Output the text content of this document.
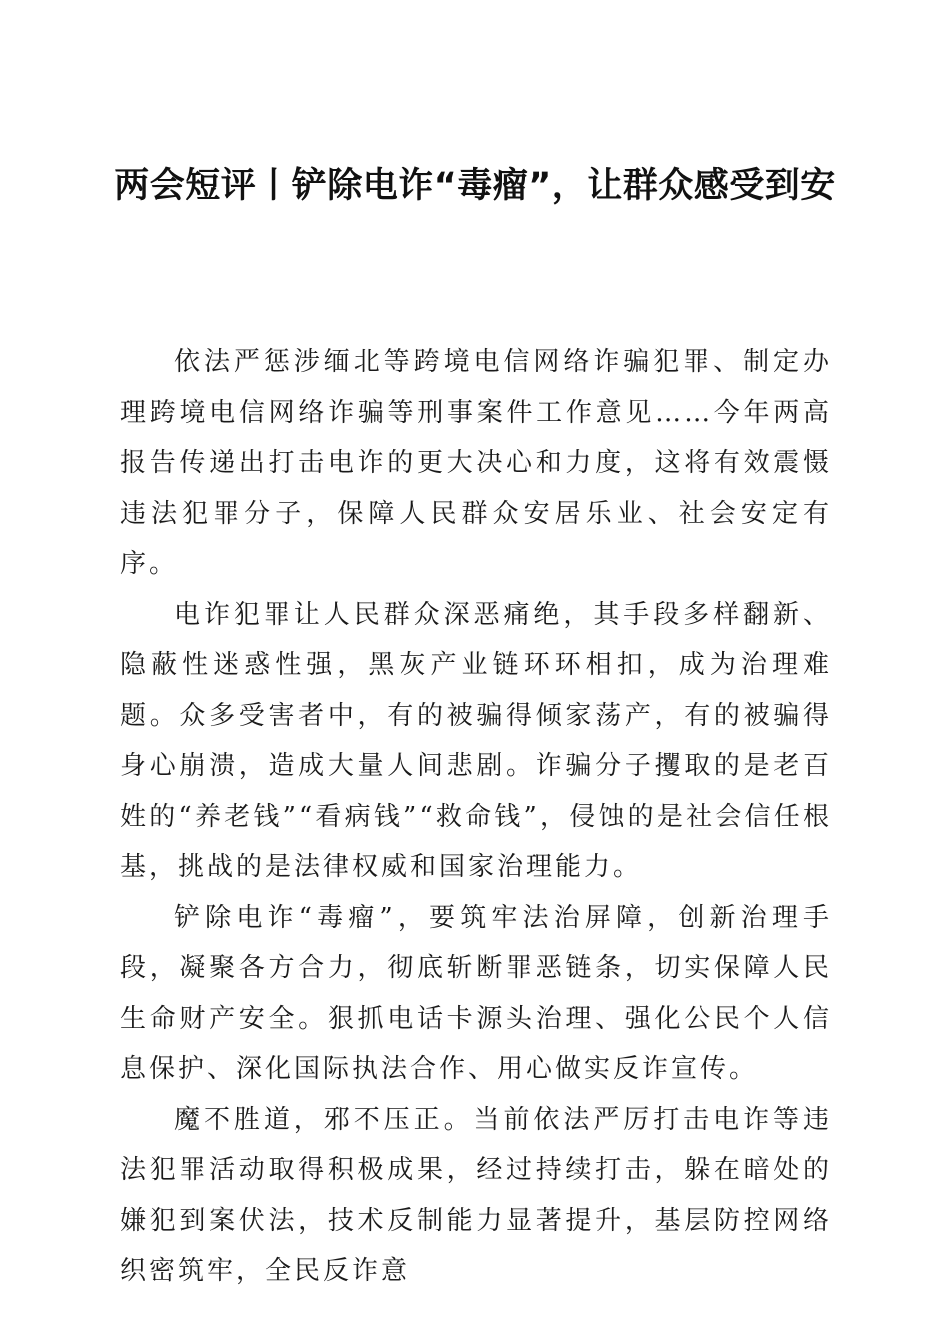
两会短评丨铲除电诈“毒瘤”，让群众感受到安

依法严惩涉缅北等跨境电信网络诈骗犯罪、制定办理跨境电信网络诈骗等刑事案件工作意见……今年两高报告传递出打击电诈的更大决心和力度，这将有效震慑违法犯罪分子，保障人民群众安居乐业、社会安定有序。

电诈犯罪让人民群众深恶痛绝，其手段多样翻新、隐蔽性迷惑性强，黑灰产业链环环相扣，成为治理难题。众多受害者中，有的被骗得倾家荡产，有的被骗得身心崩溃，造成大量人间悲剧。诈骗分子攫取的是老百姓的“养老钱”“看病钱”“救命钱”，侵蚀的是社会信任根基，挑战的是法律权威和国家治理能力。

铲除电诈“毒瘤”，要筑牢法治屏障，创新治理手段，凝聚各方合力，彻底斩断罪恶链条，切实保障人民生命财产安全。狠抓电话卡源头治理、强化公民个人信息保护、深化国际执法合作、用心做实反诈宣传。

魔不胜道，邪不压正。当前依法严厉打击电诈等违法犯罪活动取得积极成果，经过持续打击，躲在暗处的嫌犯到案伏法，技术反制能力显著提升，基层防控网络织密筑牢，全民反诈意
